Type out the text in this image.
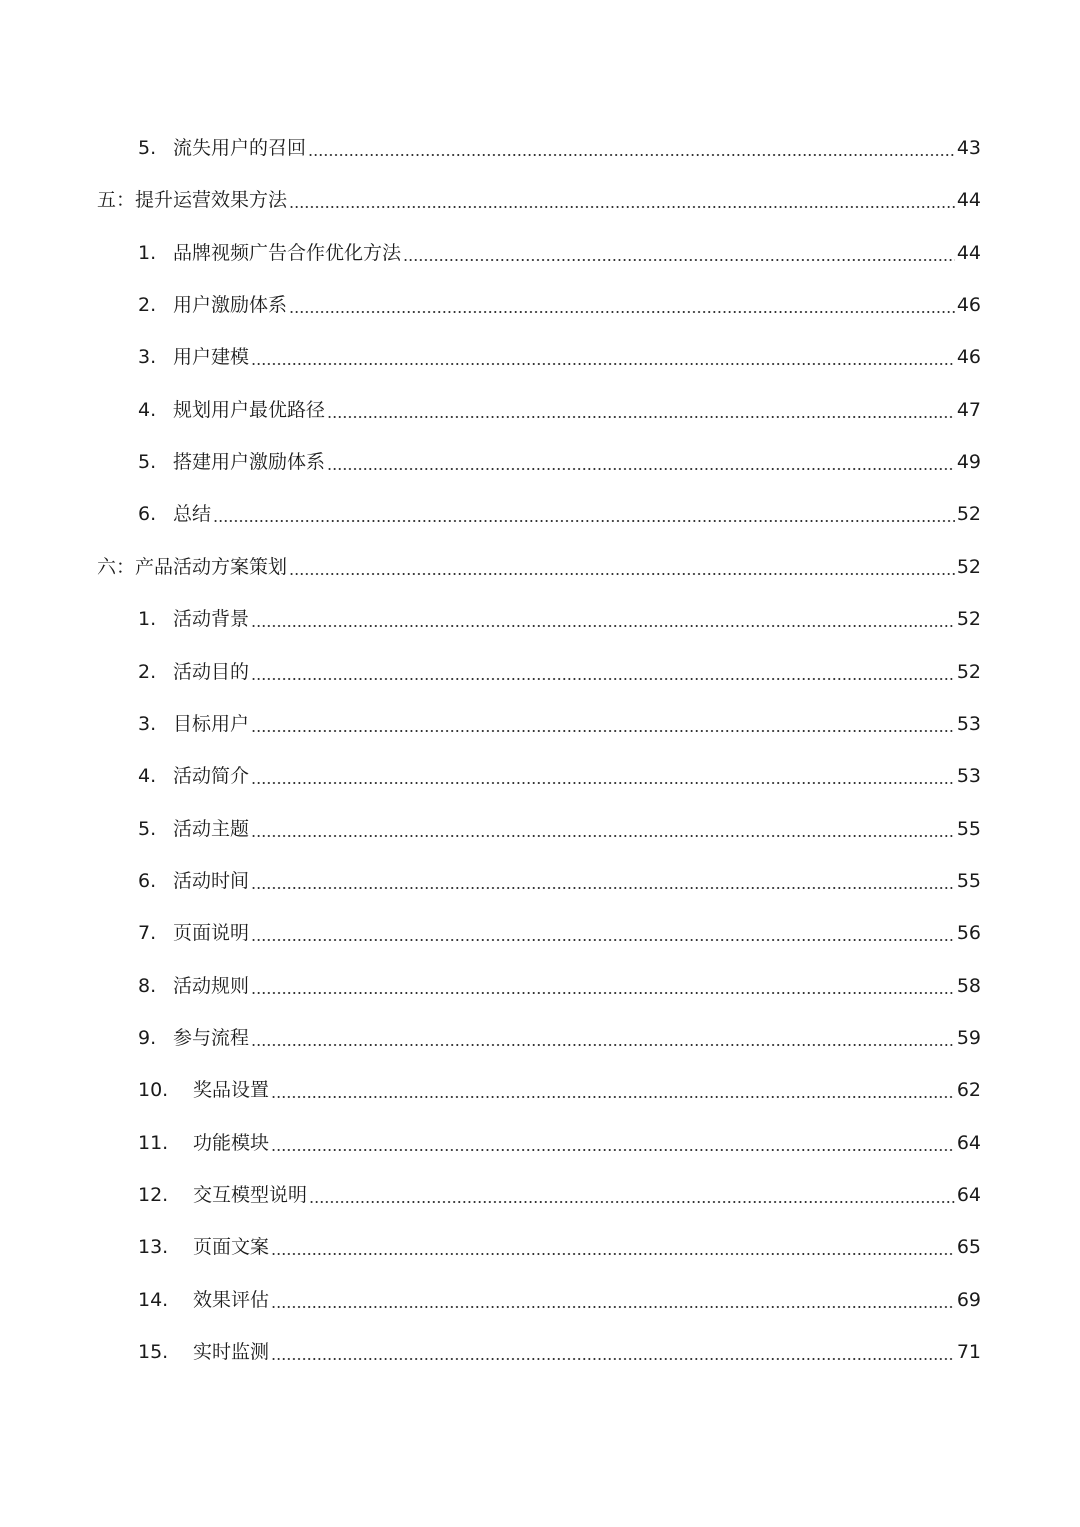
5. 流失用户的召回	43
五： 提升运营效果方法	44
1. 品牌视频广告合作优化方法	44
2. 用户激励体系	46
3. 用户建模	46
4. 规划用户最优路径	47
5. 搭建用户激励体系	49
6. 总结	52
六： 产品活动方案策划	52
1. 活动背景	52
2. 活动目的	52
3. 目标用户	53
4. 活动简介	53
5. 活动主题	55
6. 活动时间	55
7. 页面说明	56
8. 活动规则	58
9. 参与流程	59
10.	奖品设置	62
11.	功能模块	64
12.	交互模型说明	64
13.	页面文案	65
14.	效果评估	69
15.	实时监测	71
